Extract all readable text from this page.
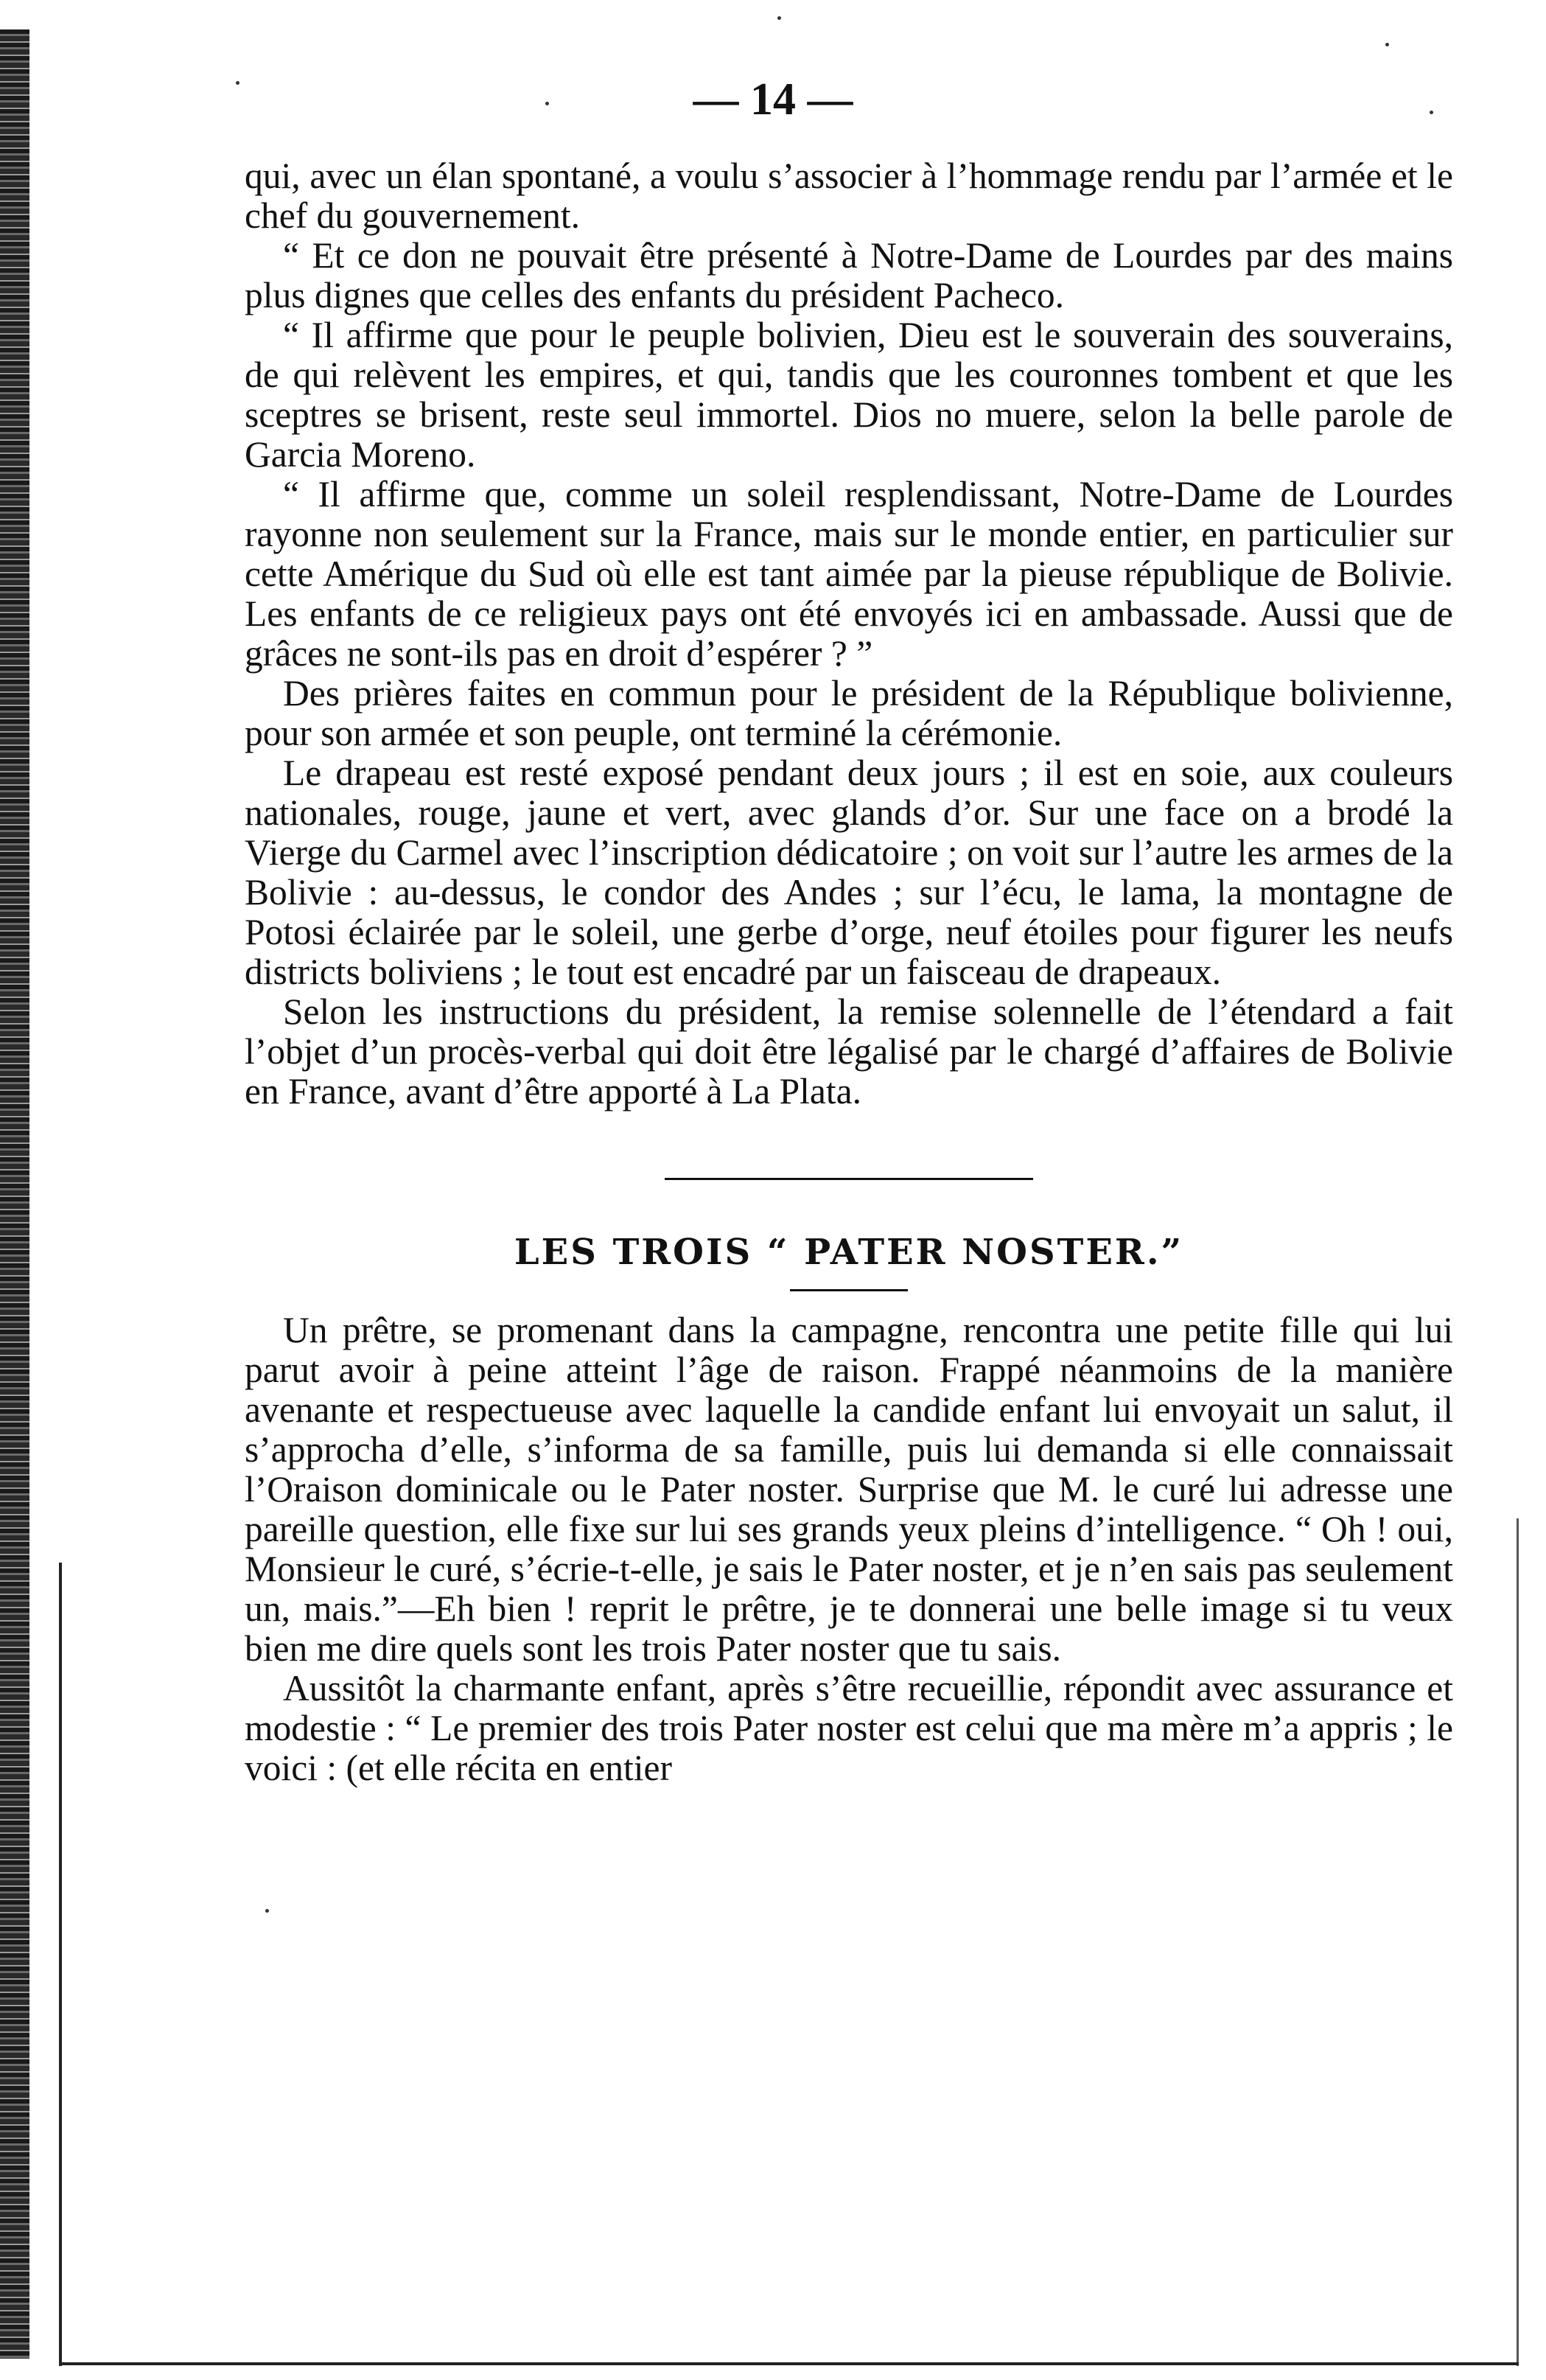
— 14 —

qui, avec un élan spontané, a voulu s’associer à l’hommage rendu par l’armée et le chef du gouvernement.

“ Et ce don ne pouvait être présenté à Notre-Dame de Lourdes par des mains plus dignes que celles des enfants du président Pacheco.

“ Il affirme que pour le peuple bolivien, Dieu est le souverain des souverains, de qui relèvent les empires, et qui, tandis que les couronnes tombent et que les sceptres se brisent, reste seul immortel. Dios no muere, selon la belle parole de Garcia Moreno.

“ Il affirme que, comme un soleil resplendissant, Notre-Dame de Lourdes rayonne non seulement sur la France, mais sur le monde entier, en particulier sur cette Amérique du Sud où elle est tant aimée par la pieuse république de Bolivie. Les enfants de ce religieux pays ont été envoyés ici en ambassade. Aussi que de grâces ne sont-ils pas en droit d’espérer ? ”

Des prières faites en commun pour le président de la République bolivienne, pour son armée et son peuple, ont terminé la cérémonie.

Le drapeau est resté exposé pendant deux jours ; il est en soie, aux couleurs nationales, rouge, jaune et vert, avec glands d’or. Sur une face on a brodé la Vierge du Carmel avec l’inscription dédicatoire ; on voit sur l’autre les armes de la Bolivie : au-dessus, le condor des Andes ; sur l’écu, le lama, la montagne de Potosi éclairée par le soleil, une gerbe d’orge, neuf étoiles pour figurer les neufs districts boliviens ; le tout est encadré par un faisceau de drapeaux.

Selon les instructions du président, la remise solennelle de l’étendard a fait l’objet d’un procès-verbal qui doit être légalisé par le chargé d’affaires de Bolivie en France, avant d’être apporté à La Plata.

LES TROIS “ PATER NOSTER.”

Un prêtre, se promenant dans la campagne, rencontra une petite fille qui lui parut avoir à peine atteint l’âge de raison. Frappé néanmoins de la manière avenante et respectueuse avec laquelle la candide enfant lui envoyait un salut, il s’approcha d’elle, s’informa de sa famille, puis lui demanda si elle connaissait l’Oraison dominicale ou le Pater noster. Surprise que M. le curé lui adresse une pareille question, elle fixe sur lui ses grands yeux pleins d’intelligence. “ Oh ! oui, Monsieur le curé, s’écrie-t-elle, je sais le Pater noster, et je n’en sais pas seulement un, mais.”—Eh bien ! reprit le prêtre, je te donnerai une belle image si tu veux bien me dire quels sont les trois Pater noster que tu sais.

Aussitôt la charmante enfant, après s’être recueillie, répondit avec assurance et modestie : “ Le premier des trois Pater noster est celui que ma mère m’a appris ; le voici : (et elle récita en entier
